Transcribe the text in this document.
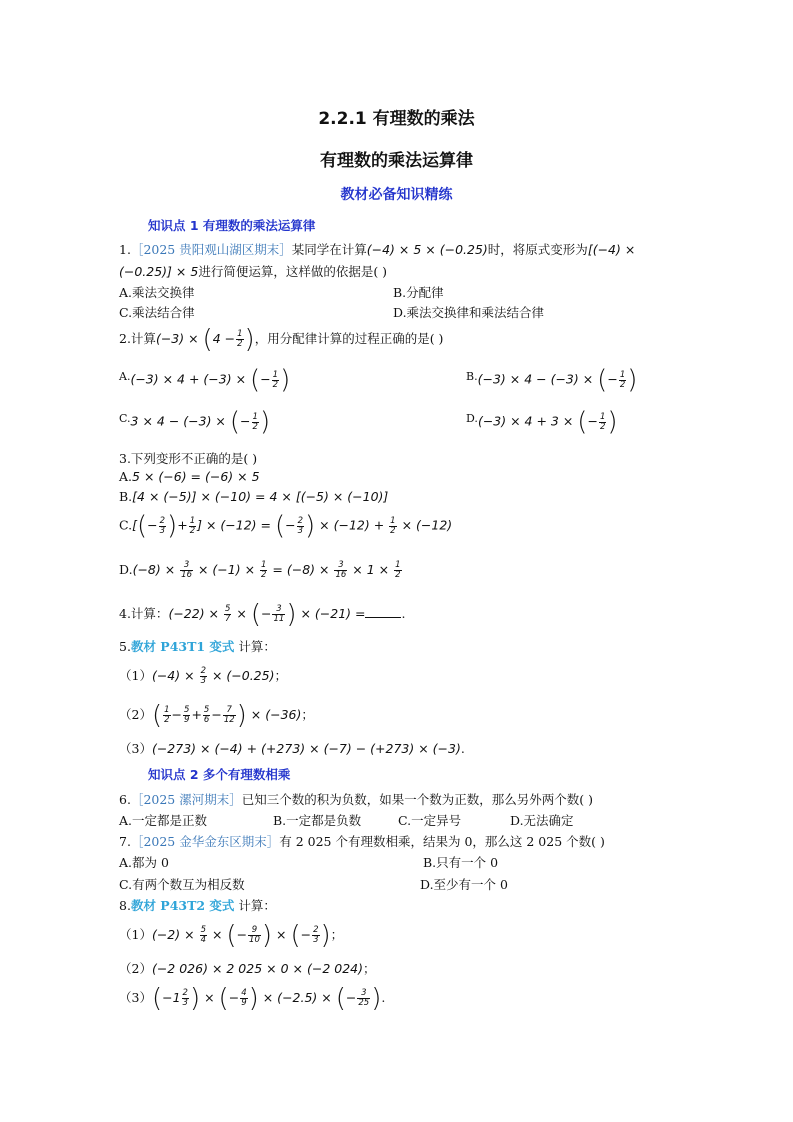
2.2.1 有理数的乘法
有理数的乘法运算律
教材必备知识精练
知识点 1 有理数的乘法运算律
1.［2025 贵阳观山湖区期末］某同学在计算(−4) × 5 × (−0.25)时，将原式变形为[(−4) ×
(−0.25)] × 5进行简便运算，这样做的依据是( )
A.乘法交换律	B.分配律
C.乘法结合律	D.乘法交换律和乘法结合律
2.计算$(-3) \times (4 - \frac{1}{2}$ )，用分配律计算的过程正确的是( )
A.(−3) × 4 + (−3) × (− $\frac{1}{2}$ )	B.(−3) × 4 − (−3) × (− $\frac{1}{2}$ )
C.3 × 4 − (−3) × (− $\frac{1}{2}$ )	D.(−3) × 4 + 3 × (− $\frac{1}{2}$ )
3.下列变形不正确的是( )
A.5 × (−6) = (−6) × 5
B.[4 × (−5)] × (−10) = 4 × [(−5) × (−10)]
$C.[(- \frac{2}{3}$ )+ $\frac{1}{2}$ ] × (−12) = (− $\frac{2}{3}$ ) × $(-12) + \frac{1}{2} \times (-12)$
$D.(-8) \times \frac{3}{16} \times (-1) \times \frac{1}{2} = (-8) \times \frac{3}{16} \times 1 \times \frac{1}{2}$
4.计算：$(-22) \times \frac{5}{7}$ × (− $\frac{3}{11}$ ) × (−21) =	.
5.教材 P43T1 变式 计算：
$(1)(-4) \times \frac{2}{3} \times (-0.25)$；
$(2)( \frac{1}{2} - \frac{5}{9} + \frac{5}{6} - \frac{7}{12}$ ) × (−36)；
（3）(−273) × (−4) + (+273) × (−7) − (+273) × (−3).
知识点 2 多个有理数相乘
6.［2025 漯河期末］已知三个数的积为负数，如果一个数为正数，那么另外两个数( )
A.一定都是正数	B.一定都是负数	C.一定异号	D.无法确定
7.［2025 金华金东区期末］有 2 025 个有理数相乘，结果为 0，那么这 2 025 个数( )
A.都为 0	B.只有一个 0
C.有两个数互为相反数	D.至少有一个 0
8.教材 P43T2 变式 计算：
$(1)(-2) \times \frac{5}{4}$ × (− $\frac{9}{10}$ ) × (− $\frac{2}{3}$ )；
（2）(−2 026) × 2 025 × 0 × (−2 024)；
$(3)(-1 \frac{2}{3}$ ) × (− $\frac{4}{9}$ ) × (−2.5) × (− $\frac{3}{25}$ ).
